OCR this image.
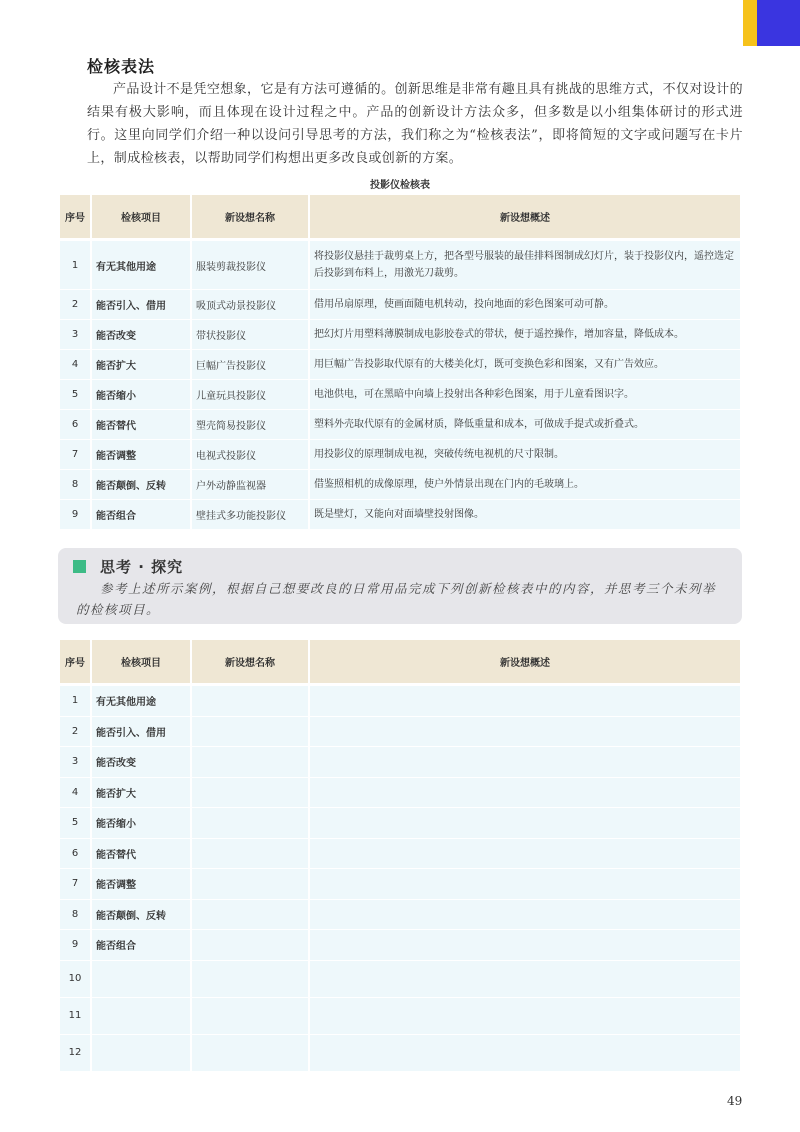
检核表法

产品设计不是凭空想象，它是有方法可遵循的。创新思维是非常有趣且具有挑战的思维方式，不仅对设计的结果有极大影响，而且体现在设计过程之中。产品的创新设计方法众多，但多数是以小组集体研讨的形式进行。这里向同学们介绍一种以设问引导思考的方法，我们称之为“检核表法”，即将简短的文字或问题写在卡片上，制成检核表，以帮助同学们构想出更多改良或创新的方案。

投影仪检核表
序号	检核项目	新设想名称	新设想概述
1	有无其他用途	服装剪裁投影仪	将投影仪悬挂于裁剪桌上方，把各型号服装的最佳排料图制成幻灯片，装于投影仪内，遥控选定后投影到布料上，用激光刀裁剪。
2	能否引入、借用	吸顶式动景投影仪	借用吊扇原理，使画面随电机转动，投向地面的彩色图案可动可静。
3	能否改变	带状投影仪	把幻灯片用塑料薄膜制成电影胶卷式的带状，便于遥控操作，增加容量，降低成本。
4	能否扩大	巨幅广告投影仪	用巨幅广告投影取代原有的大楼美化灯，既可变换色彩和图案，又有广告效应。
5	能否缩小	儿童玩具投影仪	电池供电，可在黑暗中向墙上投射出各种彩色图案，用于儿童看图识字。
6	能否替代	塑壳简易投影仪	塑料外壳取代原有的金属材质，降低重量和成本，可做成手提式或折叠式。
7	能否调整	电视式投影仪	用投影仪的原理制成电视，突破传统电视机的尺寸限制。
8	能否颠倒、反转	户外动静监视器	借鉴照相机的成像原理，使户外情景出现在门内的毛玻璃上。
9	能否组合	壁挂式多功能投影仪	既是壁灯，又能向对面墙壁投射图像。
思考 · 探究

参考上述所示案例，根据自己想要改良的日常用品完成下列创新检核表中的内容，并思考三个未列举的检核项目。

序号	检核项目	新设想名称	新设想概述
1	有无其他用途		
2	能否引入、借用		
3	能否改变		
4	能否扩大		
5	能否缩小		
6	能否替代		
7	能否调整		
8	能否颠倒、反转		
9	能否组合		
10			
11			
12			
49
